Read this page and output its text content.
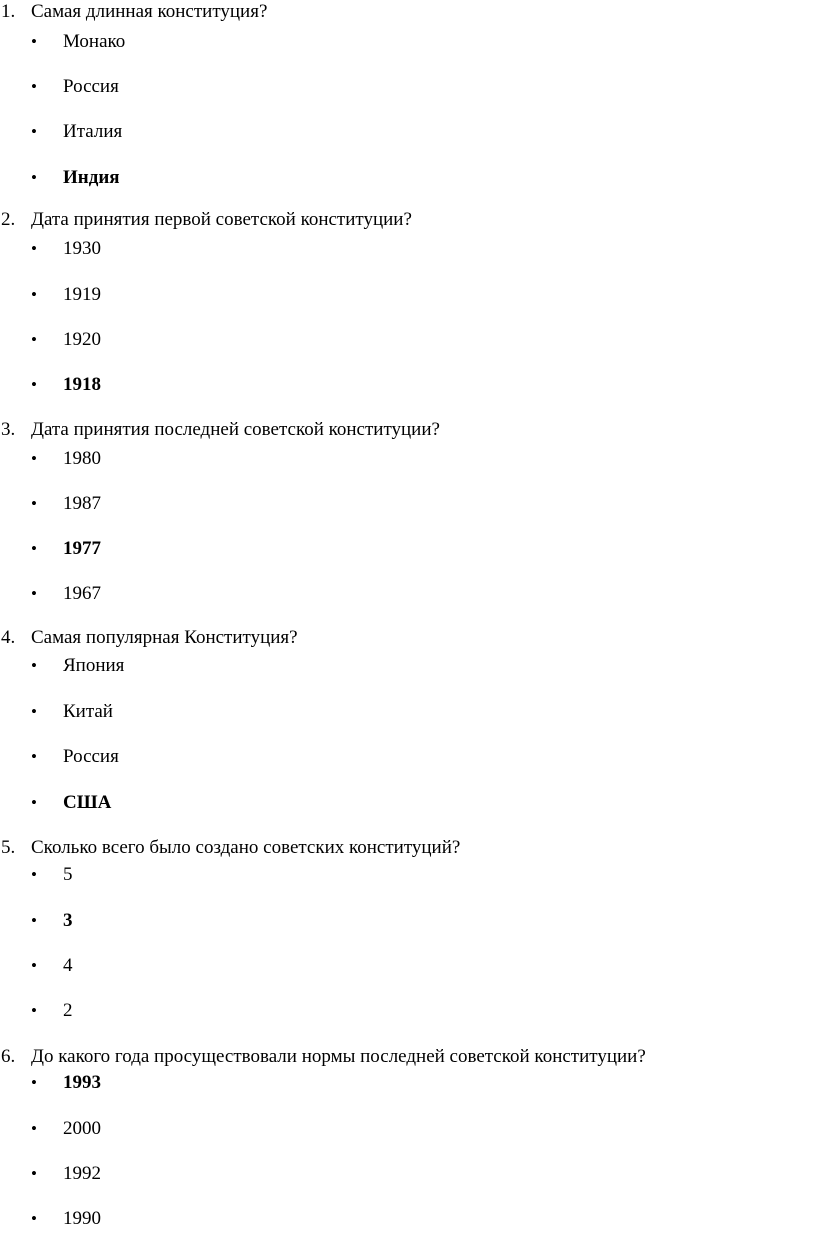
1. Самая длинная конституция?
• Монако
• Россия
• Италия
• Индия
2. Дата принятия первой советской конституции?
• 1930
• 1919
• 1920
• 1918
3. Дата принятия последней советской конституции?
• 1980
• 1987
• 1977
• 1967
4. Самая популярная Конституция?
• Япония
• Китай
• Россия
• США
5. Сколько всего было создано советских конституций?
• 5
• 3
• 4
• 2
6. До какого года просуществовали нормы последней советской конституции?
• 1993
• 2000
• 1992
• 1990
